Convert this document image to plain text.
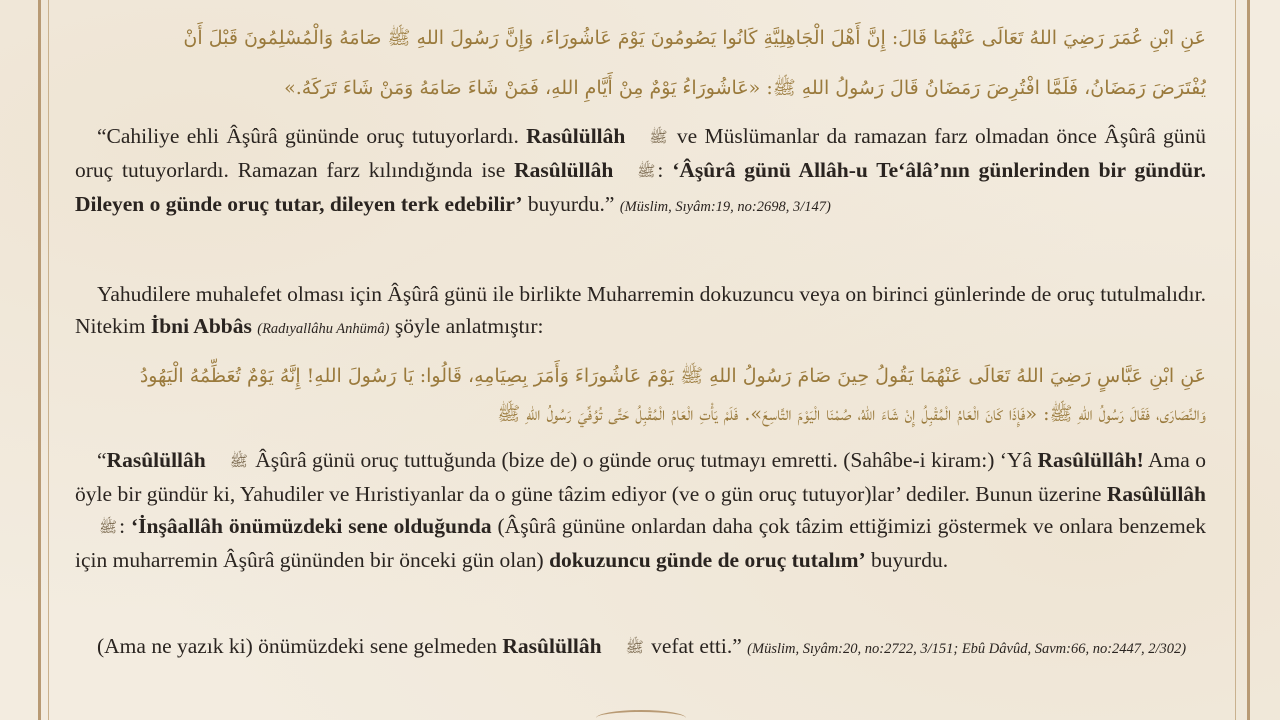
عَنِ ابْنِ عُمَرَ رَضِيَ اللهُ تَعَالَى عَنْهُمَا قَالَ: إِنَّ أَهْلَ الْجَاهِلِيَّةِ كَانُوا يَصُومُونَ يَوْمَ عَاشُورَاءَ، وَإِنَّ رَسُولَ اللهِ ﷺ صَامَهُ وَالْمُسْلِمُونَ قَبْلَ أَنْ
يُفْتَرَضَ رَمَضَانُ، فَلَمَّا افْتُرِضَ رَمَضَانُ قَالَ رَسُولُ اللهِ ﷺ: «عَاشُورَاءُ يَوْمٌ مِنْ أَيَّامِ اللهِ، فَمَنْ شَاءَ صَامَهُ وَمَنْ شَاءَ تَرَكَهُ.»

“Cahiliye ehli Âşûrâ gününde oruç tutuyorlardı. Rasûlüllâh ﷺ ve Müslümanlar da ramazan farz olmadan önce Âşûrâ günü oruç tutuyorlardı. Ramazan farz kılındığında ise Rasûlüllâh ﷺ: ‘Âşûrâ günü Allâh-u Te‘âlâ’nın günlerinden bir gündür. Dileyen o günde oruç tutar, dileyen terk edebilir’ buyurdu.” (Müslim, Sıyâm:19, no:2698, 3/147)

Yahudilere muhalefet olması için Âşûrâ günü ile birlikte Muharremin dokuzuncu veya on birinci günlerinde de oruç tutulmalıdır. Nitekim İbni Abbâs (Radıyallâhu Anhümâ) şöyle anlatmıştır:

عَنِ ابْنِ عَبَّاسٍ رَضِيَ اللهُ تَعَالَى عَنْهُمَا يَقُولُ حِينَ صَامَ رَسُولُ اللهِ ﷺ يَوْمَ عَاشُورَاءَ وَأَمَرَ بِصِيَامِهِ، قَالُوا: يَا رَسُولَ اللهِ! إِنَّهُ يَوْمٌ تُعَظِّمُهُ الْيَهُودُ
وَالنَّصَارَى، فَقَالَ رَسُولُ اللهِ ﷺ: «فَإِذَا كَانَ الْعَامُ الْمُقْبِلُ إِنْ شَاءَ اللهُ، صُمْنَا الْيَوْمَ التَّاسِعَ». فَلَمْ يَأْتِ الْعَامُ الْمُقْبِلُ حَتَّى تُوُفِّيَ رَسُولُ اللهِ ﷺ

“Rasûlüllâh ﷺ Âşûrâ günü oruç tuttuğunda (bize de) o günde oruç tutmayı emretti. (Sahâbe-i kiram:) ‘Yâ Rasûlüllâh! Ama o öyle bir gündür ki, Yahudiler ve Hıristiyanlar da o güne tâzim ediyor (ve o gün oruç tutuyor)lar’ dediler. Bunun üzerine Rasûlüllâhﷺ: ‘İnşâallâh önümüzdeki sene olduğunda (Âşûrâ gününe onlardan daha çok tâzim ettiğimizi göstermek ve onlara benzemek için muharremin Âşûrâ gününden bir önceki gün olan) dokuzuncu günde de oruç tutalım’ buyurdu.

(Ama ne yazık ki) önümüzdeki sene gelmeden Rasûlüllâh ﷺ vefat etti.” (Müslim, Sıyâm:20, no:2722, 3/151; Ebû Dâvûd, Savm:66, no:2447, 2/302)
